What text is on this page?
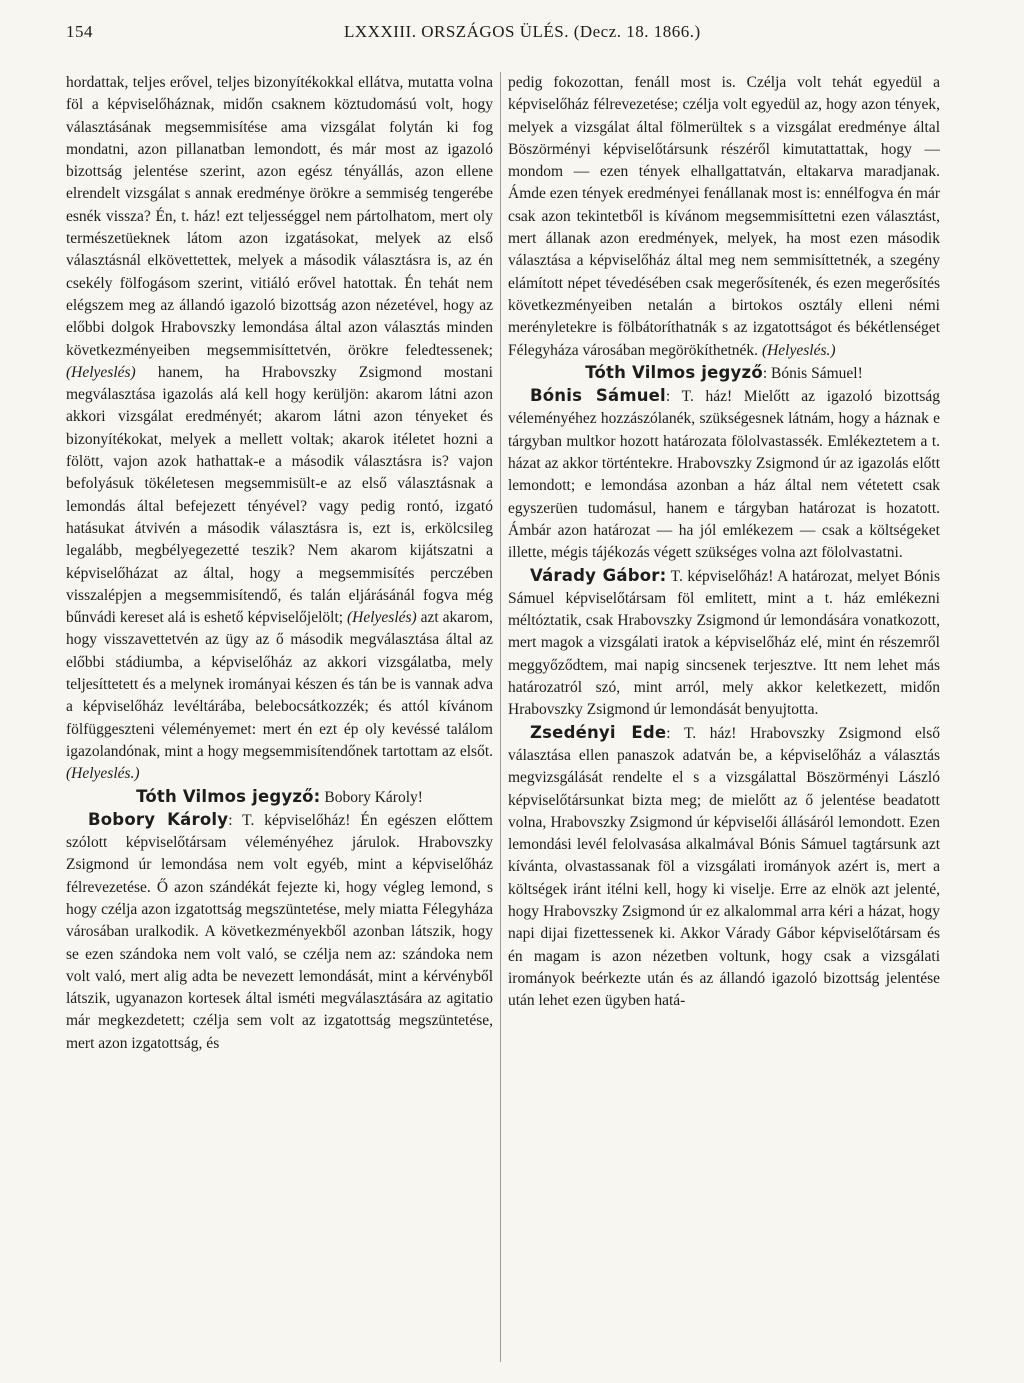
154	LXXXIII. ORSZÁGOS ÜLÉS. (Decz. 18. 1866.)

hordattak, teljes erővel, teljes bizonyítékokkal ellátva, mutatta volna föl a képviselőháznak, midőn csaknem köztudomású volt, hogy választásának megsemmisítése ama vizsgálat folytán ki fog mondatni, azon pillanatban lemondott, és már most az igazoló bizottság jelentése szerint, azon egész tényállás, azon ellene elrendelt vizsgálat s annak eredménye örökre a semmiség tengerébe esnék vissza? Én, t. ház! ezt teljességgel nem pártolhatom, mert oly természetüeknek látom azon izgatásokat, melyek az első választásnál elkövettettek, melyek a második választásra is, az én csekély fölfogásom szerint, vitiáló erővel hatottak. Én tehát nem elégszem meg az állandó igazoló bizottság azon nézetével, hogy az előbbi dolgok Hrabovszky lemondása által azon választás minden következményeiben megsemmisíttetvén, örökre feledtessenek; (Helyeslés) hanem, ha Hrabovszky Zsigmond mostani megválasztása igazolás alá kell hogy kerüljön: akarom látni azon akkori vizsgálat eredményét; akarom látni azon tényeket és bizonyítékokat, melyek a mellett voltak; akarok itéletet hozni a fölött, vajon azok hathattak-e a második választásra is? vajon befolyásuk tökéletesen megsemmisült-e az első választásnak a lemondás által befejezett tényével? vagy pedig rontó, izgató hatásukat átvivén a második választásra is, ezt is, erkölcsileg legalább, megbélyegezetté teszik? Nem akarom kijátszatni a képviselőházat az által, hogy a megsemmisítés perczében visszalépjen a megsemmisítendő, és talán eljárásánál fogva még bűnvádi kereset alá is eshető képviselőjelölt; (Helyeslés) azt akarom, hogy visszavettetvén az ügy az ő második megválasztása által az előbbi stádiumba, a képviselőház az akkori vizsgálatba, mely teljesíttetett és a melynek irományai készen és tán be is vannak adva a képviselőház levéltárába, belebocsátkozzék; és attól kívánom fölfüggeszteni véleményemet: mert én ezt ép oly kevéssé találom igazolandónak, mint a hogy megsemmisítendőnek tartottam az elsőt. (Helyeslés.)

Tóth Vilmos jegyző: Bobory Károly!

Bobory Károly: T. képviselőház! Én egészen előttem szólott képviselőtársam véleményéhez járulok. Hrabovszky Zsigmond úr lemondása nem volt egyéb, mint a képviselőház félrevezetése. Ő azon szándékát fejezte ki, hogy végleg lemond, s hogy czélja azon izgatottság megszüntetése, mely miatta Félegyháza városában uralkodik. A következményekből azonban látszik, hogy se ezen szándoka nem volt való, se czélja nem az: szándoka nem volt való, mert alig adta be nevezett lemondását, mint a kérvényből látszik, ugyanazon kortesek által isméti megválasztására az agitatio már megkezdetett; czélja sem volt az izgatottság megszüntetése, mert azon izgatottság, és

pedig fokozottan, fenáll most is. Czélja volt tehát egyedül a képviselőház félrevezetése; czélja volt egyedül az, hogy azon tények, melyek a vizsgálat által fölmerültek s a vizsgálat eredménye által Böszörményi képviselőtársunk részéről kimutattattak, hogy — mondom — ezen tények elhallgattatván, eltakarva maradjanak. Ámde ezen tények eredményei fenállanak most is: ennélfogva én már csak azon tekintetből is kívánom megsemmisíttetni ezen választást, mert állanak azon eredmények, melyek, ha most ezen második választása a képviselőház által meg nem semmisíttetnék, a szegény elámított népet tévedésében csak megerősítenék, és ezen megerősítés következményeiben netalán a birtokos osztály elleni némi merényletekre is fölbátoríthatnák s az izgatottságot és békétlenséget Félegyháza városában megörökíthetnék. (Helyeslés.)

Tóth Vilmos jegyző: Bónis Sámuel!

Bónis Sámuel: T. ház! Mielőtt az igazoló bizottság véleményéhez hozzászólanék, szükségesnek látnám, hogy a háznak e tárgyban multkor hozott határozata fölolvastassék. Emlékeztetem a t. házat az akkor történtekre. Hrabovszky Zsigmond úr az igazolás előtt lemondott; e lemondása azonban a ház által nem vétetett csak egyszerüen tudomásul, hanem e tárgyban határozat is hozatott. Ámbár azon határozat — ha jól emlékezem — csak a költségeket illette, mégis tájékozás végett szükséges volna azt fölolvastatni.

Várady Gábor: T. képviselőház! A határozat, melyet Bónis Sámuel képviselőtársam föl emlitett, mint a t. ház emlékezni méltóztatik, csak Hrabovszky Zsigmond úr lemondására vonatkozott, mert magok a vizsgálati iratok a képviselőház elé, mint én részemről meggyőződtem, mai napig sincsenek terjesztve. Itt nem lehet más határozatról szó, mint arról, mely akkor keletkezett, midőn Hrabovszky Zsigmond úr lemondását benyujtotta.

Zsedényi Ede: T. ház! Hrabovszky Zsigmond első választása ellen panaszok adatván be, a képviselőház a választás megvizsgálását rendelte el s a vizsgálattal Böszörményi László képviselőtársunkat bizta meg; de mielőtt az ő jelentése beadatott volna, Hrabovszky Zsigmond úr képviselői állásáról lemondott. Ezen lemondási levél felolvasása alkalmával Bónis Sámuel tagtársunk azt kívánta, olvastassanak föl a vizsgálati irományok azért is, mert a költségek iránt itélni kell, hogy ki viselje. Erre az elnök azt jelenté, hogy Hrabovszky Zsigmond úr ez alkalommal arra kéri a házat, hogy napi dijai fizettessenek ki. Akkor Várady Gábor képviselőtársam és én magam is azon nézetben voltunk, hogy csak a vizsgálati irományok beérkezte után és az állandó igazoló bizottság jelentése után lehet ezen ügyben hatá-
